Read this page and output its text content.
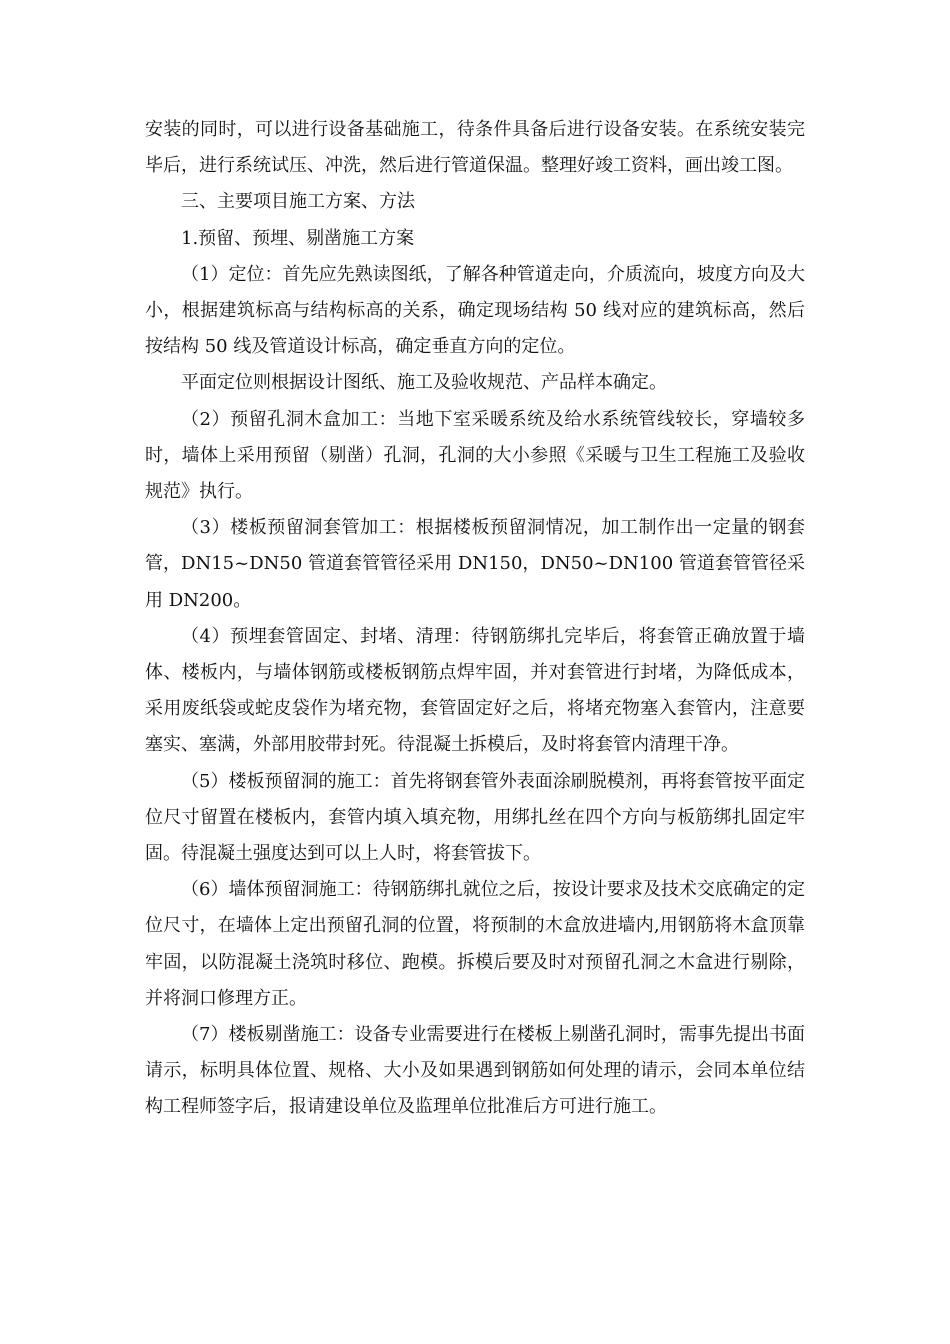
安装的同时，可以进行设备基础施工，待条件具备后进行设备安装。在系统安装完毕后，进行系统试压、冲洗，然后进行管道保温。整理好竣工资料，画出竣工图。

三、主要项目施工方案、方法

1.预留、预埋、剔凿施工方案

（1）定位：首先应先熟读图纸，了解各种管道走向，介质流向，坡度方向及大小，根据建筑标高与结构标高的关系，确定现场结构 50 线对应的建筑标高，然后按结构 50 线及管道设计标高，确定垂直方向的定位。

平面定位则根据设计图纸、施工及验收规范、产品样本确定。

（2）预留孔洞木盒加工：当地下室采暖系统及给水系统管线较长，穿墙较多时，墙体上采用预留（剔凿）孔洞，孔洞的大小参照《采暖与卫生工程施工及验收规范》执行。

（3）楼板预留洞套管加工：根据楼板预留洞情况，加工制作出一定量的钢套管，DN15~DN50 管道套管管径采用 DN150，DN50~DN100 管道套管管径采用 DN200。

（4）预埋套管固定、封堵、清理：待钢筋绑扎完毕后，将套管正确放置于墙体、楼板内，与墙体钢筋或楼板钢筋点焊牢固，并对套管进行封堵，为降低成本，采用废纸袋或蛇皮袋作为堵充物，套管固定好之后，将堵充物塞入套管内，注意要塞实、塞满，外部用胶带封死。待混凝土拆模后，及时将套管内清理干净。

（5）楼板预留洞的施工：首先将钢套管外表面涂刷脱模剂，再将套管按平面定位尺寸留置在楼板内，套管内填入填充物，用绑扎丝在四个方向与板筋绑扎固定牢固。待混凝土强度达到可以上人时，将套管拔下。

（6）墙体预留洞施工：待钢筋绑扎就位之后，按设计要求及技术交底确定的定位尺寸，在墙体上定出预留孔洞的位置，将预制的木盒放进墙内,用钢筋将木盒顶靠牢固，以防混凝土浇筑时移位、跑模。拆模后要及时对预留孔洞之木盒进行剔除，并将洞口修理方正。

（7）楼板剔凿施工：设备专业需要进行在楼板上剔凿孔洞时，需事先提出书面请示，标明具体位置、规格、大小及如果遇到钢筋如何处理的请示，会同本单位结构工程师签字后，报请建设单位及监理单位批准后方可进行施工。
